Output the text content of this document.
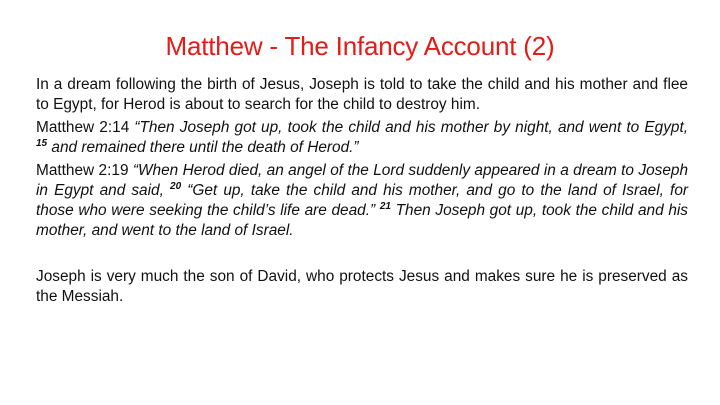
Matthew - The Infancy Account (2)

In a dream following the birth of Jesus, Joseph is told to take the child and his mother and flee to Egypt, for Herod is about to search for the child to destroy him.

Matthew 2:14 “Then Joseph got up, took the child and his mother by night, and went to Egypt, $^{15}$ and remained there until the death of Herod.”

Matthew 2:19 “When Herod died, an angel of the Lord suddenly appeared in a dream to Joseph in Egypt and said, $^{20}$ “Get up, take the child and his mother, and go to the land of Israel, for those who were seeking the child’s life are dead.” $^{21}$ Then Joseph got up, took the child and his mother, and went to the land of Israel.

Joseph is very much the son of David, who protects Jesus and makes sure he is preserved as the Messiah.
